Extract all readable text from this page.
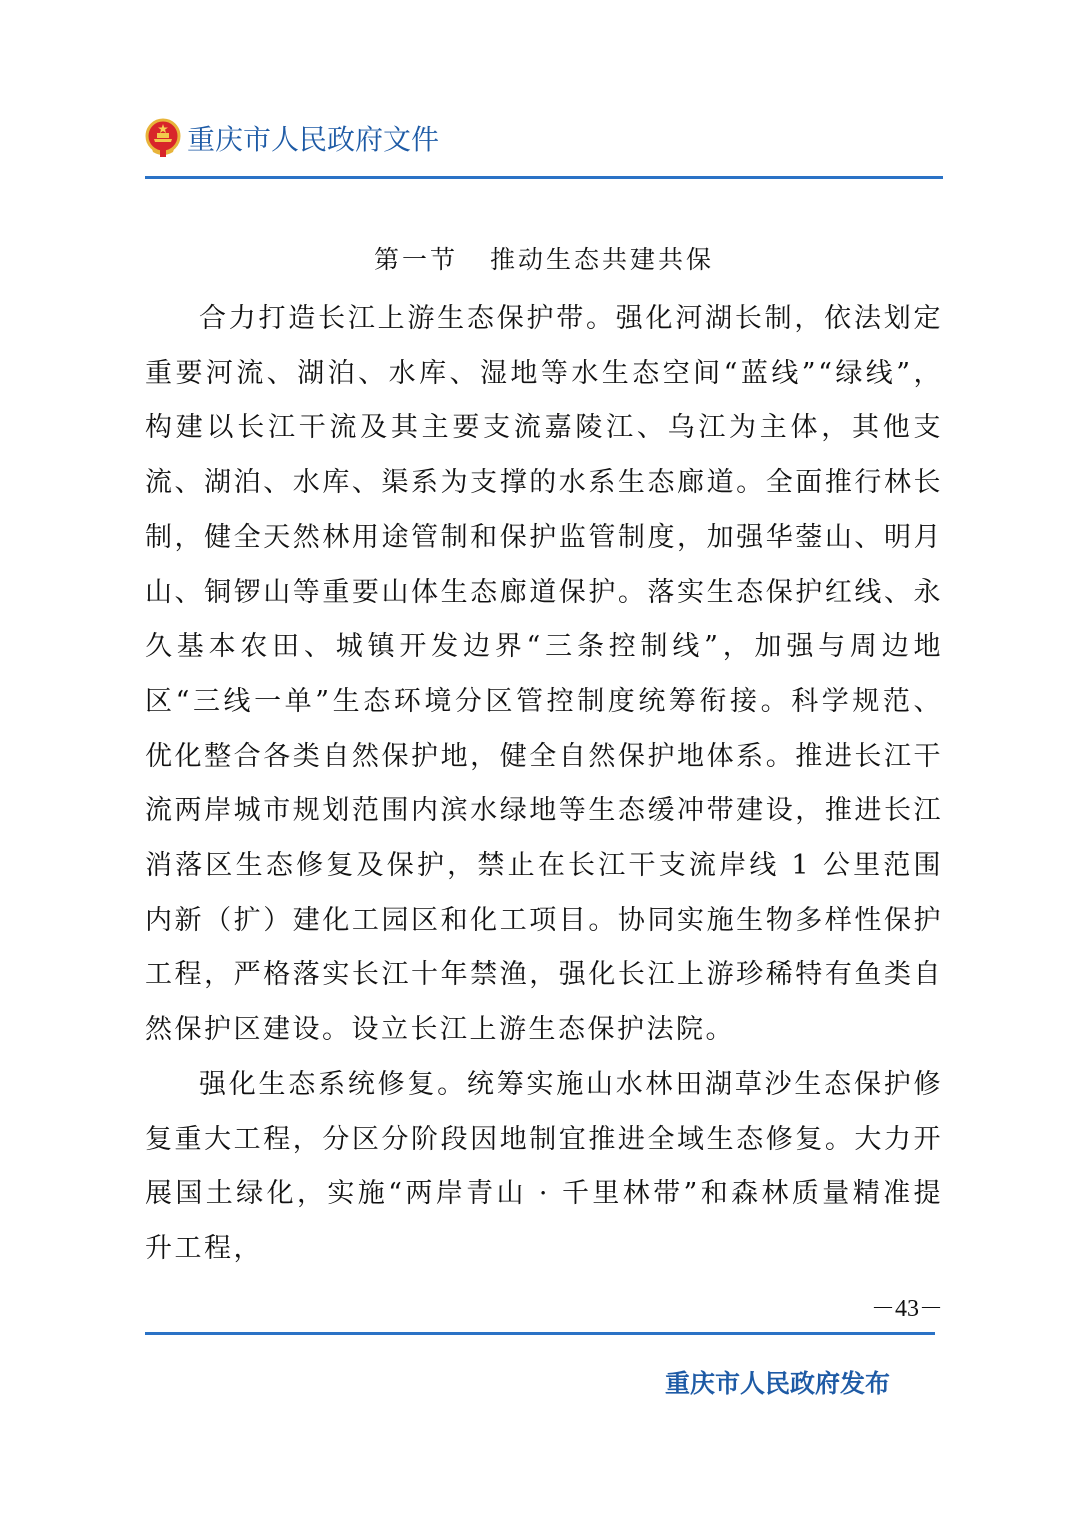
重庆市人民政府文件
第一节 推动生态共建共保

合力打造长江上游生态保护带。强化河湖长制，依法划定重要河流、湖泊、水库、湿地等水生态空间“蓝线”“绿线”，构建以长江干流及其主要支流嘉陵江、乌江为主体，其他支流、湖泊、水库、渠系为支撑的水系生态廊道。全面推行林长制，健全天然林用途管制和保护监管制度，加强华蓥山、明月山、铜锣山等重要山体生态廊道保护。落实生态保护红线、永久基本农田、城镇开发边界“三条控制线”，加强与周边地区“三线一单”生态环境分区管控制度统筹衔接。科学规范、优化整合各类自然保护地，健全自然保护地体系。推进长江干流两岸城市规划范围内滨水绿地等生态缓冲带建设，推进长江消落区生态修复及保护，禁止在长江干支流岸线 1 公里范围内新（扩）建化工园区和化工项目。协同实施生物多样性保护工程，严格落实长江十年禁渔，强化长江上游珍稀特有鱼类自然保护区建设。设立长江上游生态保护法院。

强化生态系统修复。统筹实施山水林田湖草沙生态保护修复重大工程，分区分阶段因地制宜推进全域生态修复。大力开展国土绿化，实施“两岸青山 · 千里林带”和森林质量精准提升工程，

－43－
重庆市人民政府发布
